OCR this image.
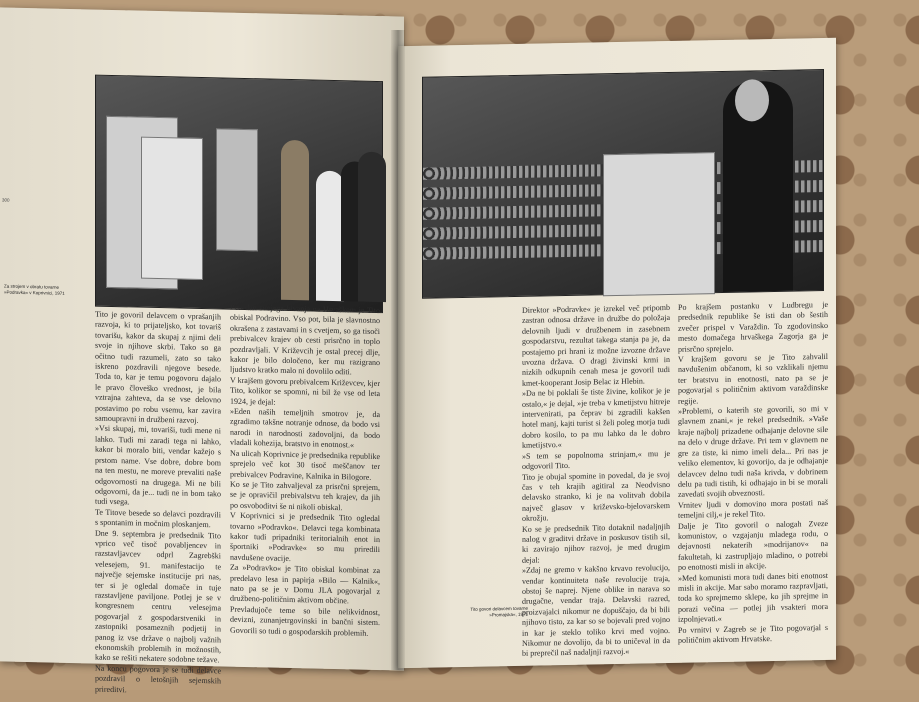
300
Za strojem v obratu tovarne
»Podravka« v Koprivnici, 1971
Tito je govoril delavcem o vprašanjih razvoja, ki to prijateljsko, kot tovariš tovarišu, kakor da skupaj z njimi deli svoje in njihove skrbi. Tako so ga očitno tudi razumeli, zato so tako iskreno pozdravili njegove besede. Toda to, kar je temu pogovoru dajalo le pravo človeško vrednost, je bila vztrajna zahteva, da se vse delovno postavimo po robu vsemu, kar zavira samoupravni in družbeni razvoj.
»Vsi skupaj, mi, tovariši, tudi mene ni lahko. Tudi mi zaradi tega ni lahko, kakor bi moralo biti, vendar kažejo s prstom name. Vse dobre, dobre bom na ten mestu, ne moreve prevaliti naše odgovornosti na drugega. Mi ne bili odgovorni, da je... tudi ne in bom tako tudi vsega.
Te Titove besede so delavci pozdravili s spontanim in močnim ploskanjem.
Dne 9. septembra je predsednik Tito vprico več tisoč povabljencev in razstavljavcev odprl Zagrebški velesejem, 91. manifestacijo te največje sejemske institucije pri nas, ter si je ogledal domače in tuje razstavljene paviljone. Potlej je se v kongresnem centru velesejma pogovarjal z gospodarstveniki in zastopniki posameznih podjetij in panog iz vse države o najbolj važnih ekonomskih problemih in možnostih, kako se rešiti nekatere sodobne težave.
Na koncu pogovora je se tudi delavce pozdravil o letošnjih sejemskih prireditvi.
Peti dan svojega bivanja na Hrvaškem je Tito obiskal Podravino. Vso pot, bila je slavnostno okrašena z zastavami in s cvetjem, so ga tisoči prebivalcev krajev ob cesti prisrčno in toplo pozdravljali. V Križevcih je ostal precej dlje, kakor je bilo določeno, ker mu razigrano ljudstvo kratko malo ni dovolilo oditi.
V krajšem govoru prebivalcem Križevcev, kjer Tito, kolikor se spomni, ni bil že vse od leta 1924, je dejal:
»Eden naših temeljnih smotrov je, da zgradimo takšne notranje odnose, da bodo vsi narodi in narodnosti zadovoljni, da bodo vladali kohezija, bratstvo in enotnost.«
Na ulicah Koprivnice je predsednika republike sprejelo več kot 30 tisoč meščanov ter prebivalcev Podravine, Kalnika in Bilogore.
Ko se je Tito zahvaljeval za prisrčni sprejem, se je opravičil prebivalstvu teh krajev, da jih po osvoboditvi še ni nikoli obiskal.
V Koprivnici si je predsednik Tito ogledal tovarno »Podravko«. Delavci tega kombinata kakor tudi pripadniki teritorialnih enot in športniki »Podravke« so mu priredili navdušene ovacije.
Za »Podravko« je Tito obiskal kombinat za predelavo lesa in papirja »Bilo — Kalnik«, nato pa se je v Domu JLA pogovarjal z družbeno-političnim aktivom občine.
Prevladujoče teme so bile nelikvidnost, devizni, zunanjetrgovinski in bančni sistem. Govorili so tudi o gospodarskih problemih.
Tito govori delavcem tovarne
»Promajska«, 1971
Direktor »Podravke« je izrekel več pripomb zastran odnosa države in družbe do položaja delovnih ljudi v družbenem in zasebnem gospodarstvu, rezultat takega stanja pa je, da postajemo pri hrani iz možne izvozne države uvozna država. O dragi živinski krmi in nizkih odkupnih cenah mesa je govoril tudi kmet-kooperant Josip Belac iz Hlebin.
»Da ne bi poklali še tiste živine, kolikor je je ostalo,« je dejal, »je treba v kmetijstvu hitreje intervenirati, pa čeprav bi zgradili kakšen hotel manj, kajti turist si želi poleg morja tudi dobro kosilo, to pa mu lahko da le dobro kmetijstvo.«
»S tem se popolnoma strinjam,« mu je odgovoril Tito.
Tito je obujal spomine in povedal, da je svoj čas v teh krajih agitiral za Neodvisno delavsko stranko, ki je na volitvah dobila največ glasov v križevsko-bjelovarskem okrožju.
Ko se je predsednik Tito dotaknil nadaljnjih nalog v graditvi države in poskusov tistih sil, ki zavirajo njihov razvoj, je med drugim dejal:
»Zdaj ne gremo v kakšno krvavo revolucijo, vendar kontinuiteta naše revolucije traja, obstoj še naprej. Njene oblike in narava so drugačne, vendar traja. Delavski razred, proizvajalci nikomur ne dopuščajo, da bi bili njihovo tisto, za kar so se bojevali pred vojno in kar je steklo toliko krvi med vojno. Nikomur ne dovolijo, da bi to uničeval in da bi preprečil naš nadaljnji razvoj.«
Po krajšem postanku v Ludbregu je predsednik republike še isti dan ob šestih zvečer prispel v Varaždin. To zgodovinsko mesto domačega hrvaškega Zagorja ga je prisrčno sprejelo.
V krajšem govoru se je Tito zahvalil navdušenim občanom, ki so vzklikali njemu ter bratstvu in enotnosti, nato pa se je pogovarjal s političnim aktivom varaždinske regije.
»Problemi, o katerih ste govorili, so mi v glavnem znani,« je rekel predsednik. »Vaše kraje najbolj prizadene odhajanje delovne sile na delo v druge države. Pri tem v glavnem ne gre za tiste, ki nimo imeli dela... Pri nas je veliko elementov, ki govorijo, da je odhajanje delavcev delno tudi naša krivda, v dobrinem delu pa tudi tistih, ki odhajajo in bi se morali zavedati svojih obveznosti.
Vrnitev ljudi v domovino mora postati naš temeljni cilj,« je rekel Tito.
Dalje je Tito govoril o nalogah Zveze komunistov, o vzgajanju mladega rodu, o dejavnosti nekaterih »modrijanov« na fakultetah, ki zastrupljajo mladino, o potrebi po enotnosti misli in akcije.
»Med komunisti mora tudi danes biti enotnost misli in akcije. Mar sabo moramo razpravljati, toda ko sprejmemo sklepe, ko jih sprejme in porazi večina — potlej jih vsakteri mora izpolnjevati.«
Po vrnitvi v Zagreb se je Tito pogovarjal s političnim aktivom Hrvatske.
